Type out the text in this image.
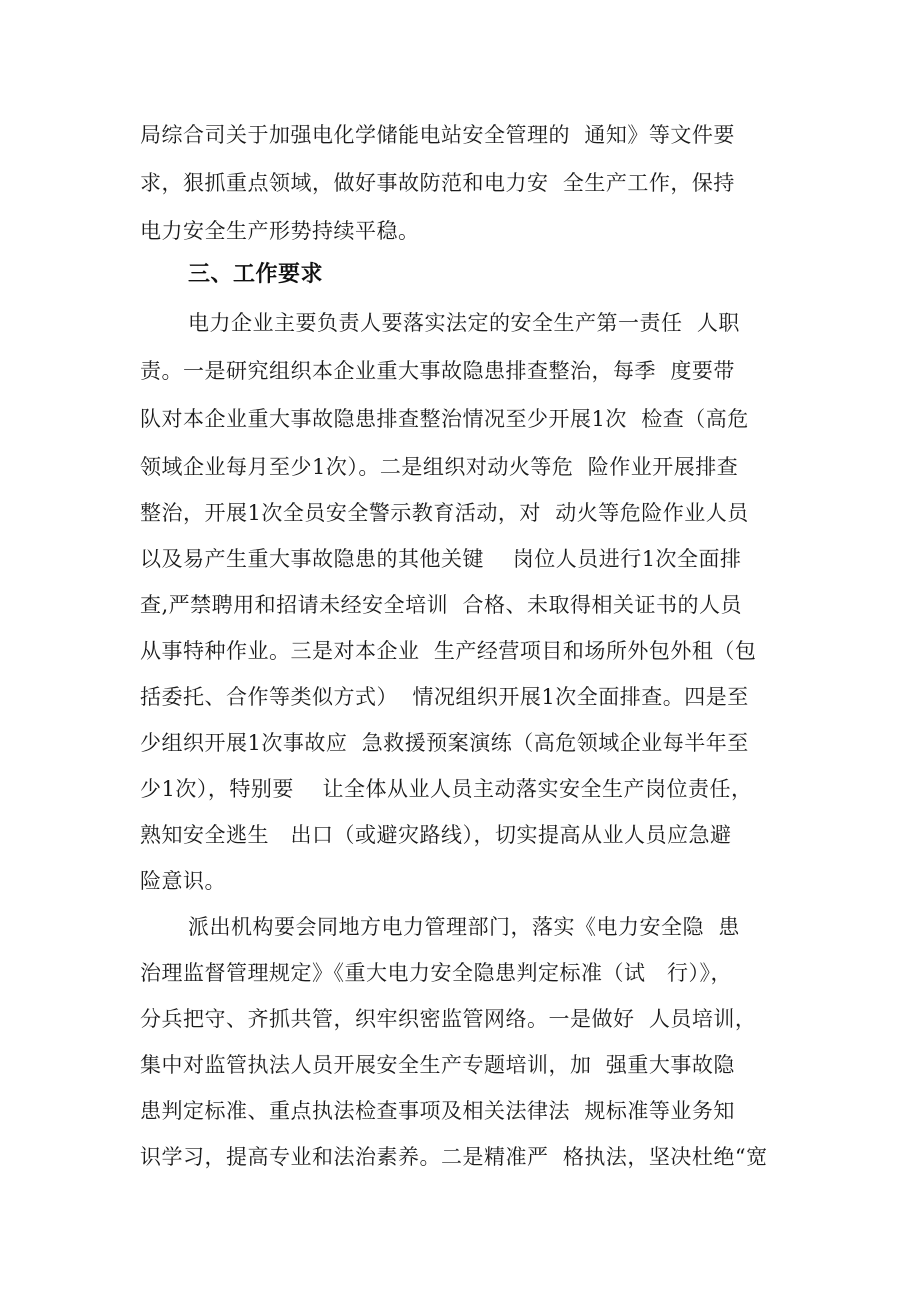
局综合司关于加强电化学储能电站安全管理的  通知》等文件要
求，狠抓重点领域，做好事故防范和电力安  全生产工作，保持
电力安全生产形势持续平稳。
三、工作要求
电力企业主要负责人要落实法定的安全生产第一责任  人职
责。一是研究组织本企业重大事故隐患排查整治，每季  度要带
队对本企业重大事故隐患排查整治情况至少开展1次  检查（高危
领域企业每月至少1次）。二是组织对动火等危  险作业开展排查
整治，开展1次全员安全警示教育活动，对  动火等危险作业人员
以及易产生重大事故隐患的其他关键    岗位人员进行1次全面排
查,严禁聘用和招请未经安全培训  合格、未取得相关证书的人员
从事特种作业。三是对本企业  生产经营项目和场所外包外租（包
括委托、合作等类似方式）  情况组织开展1次全面排查。四是至
少组织开展1次事故应  急救援预案演练（高危领域企业每半年至
少1次），特别要    让全体从业人员主动落实安全生产岗位责任，
熟知安全逃生   出口（或避灾路线），切实提高从业人员应急避
险意识。
派出机构要会同地方电力管理部门，落实《电力安全隐  患
治理监督管理规定》《重大电力安全隐患判定标准（试   行）》，
分兵把守、齐抓共管，织牢织密监管网络。一是做好  人员培训，
集中对监管执法人员开展安全生产专题培训，加  强重大事故隐
患判定标准、重点执法检查事项及相关法律法  规标准等业务知
识学习，提高专业和法治素养。二是精准严  格执法，坚决杜绝“宽
